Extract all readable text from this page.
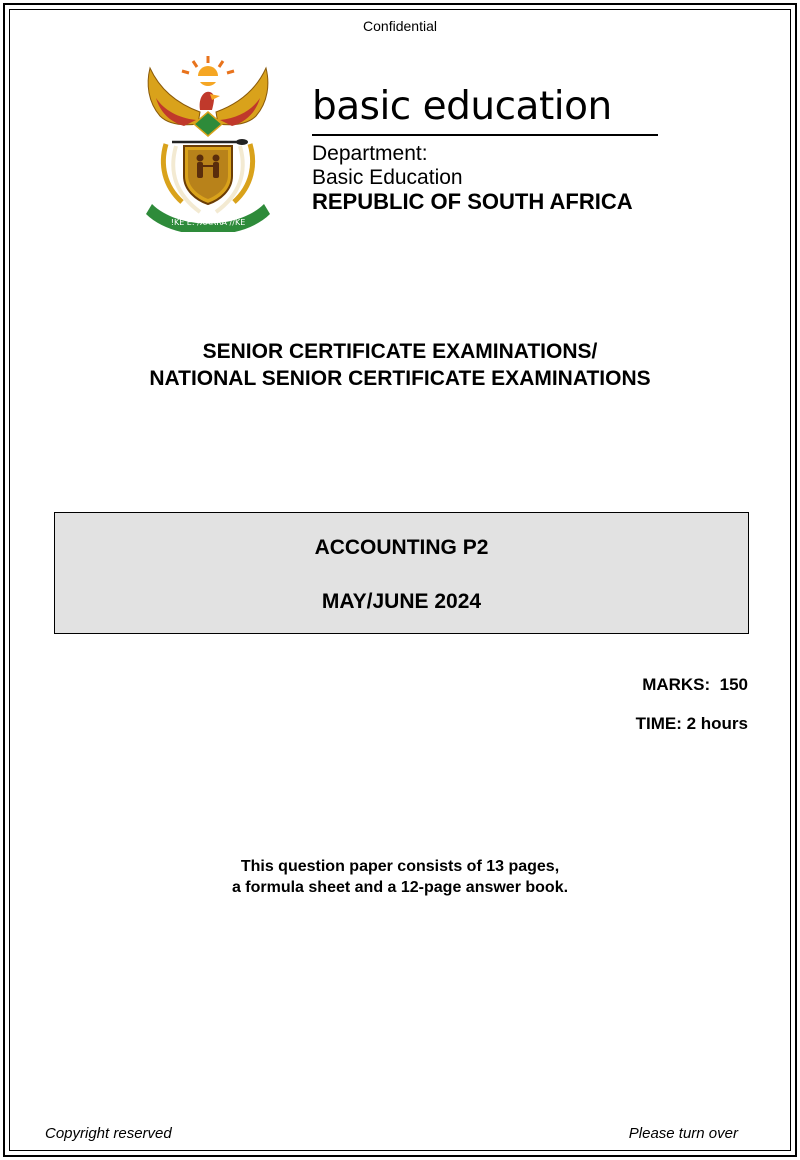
Confidential
!KE E: /XARRA //KE
basic education
Department:
Basic Education
REPUBLIC OF SOUTH AFRICA
SENIOR CERTIFICATE EXAMINATIONS/
NATIONAL SENIOR CERTIFICATE EXAMINATIONS
ACCOUNTING P2
MAY/JUNE 2024
MARKS:  150
TIME: 2 hours
This question paper consists of 13 pages,
a formula sheet and a 12-page answer book.
Copyright reserved	Please turn over
